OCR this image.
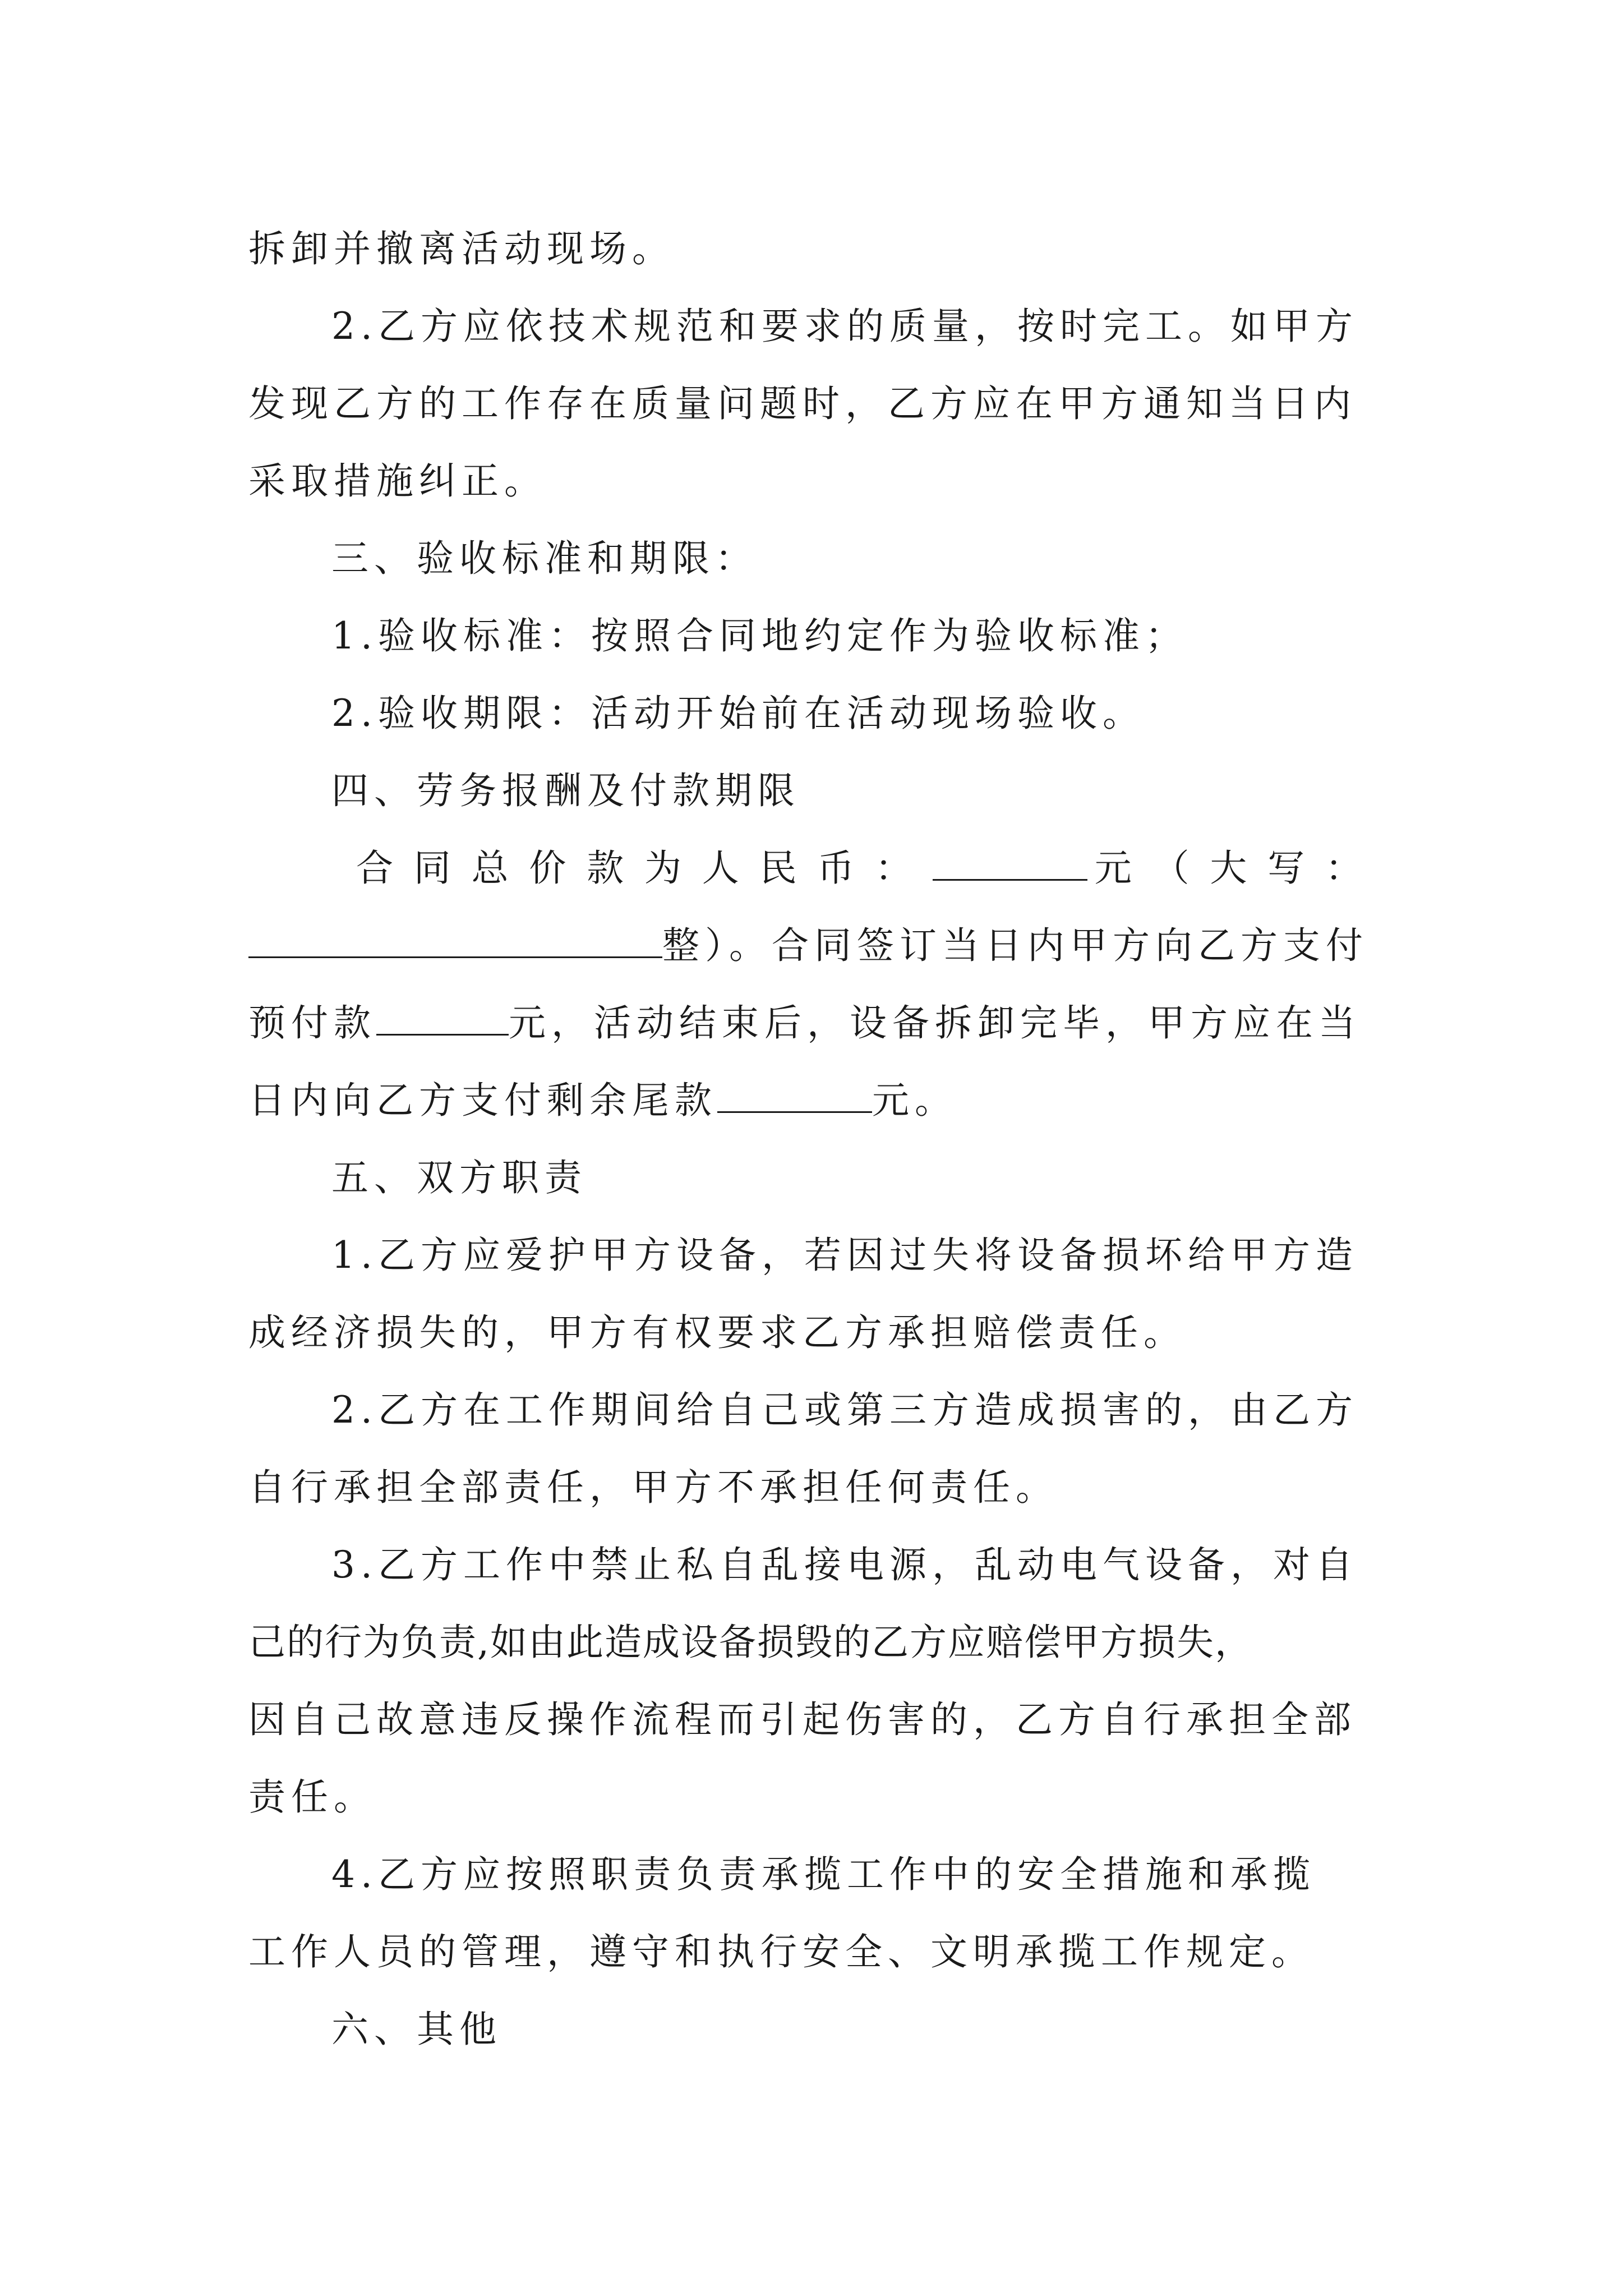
拆卸并撤离活动现场。
2.乙方应依技术规范和要求的质量，按时完工。如甲方
发现乙方的工作存在质量问题时，乙方应在甲方通知当日内
采取措施纠正。
三、验收标准和期限：
1.验收标准：按照合同地约定作为验收标准；
2.验收期限：活动开始前在活动现场验收。
四、劳务报酬及付款期限
合同总价款为人民币：	元（大写：
整）。合同签订当日内甲方向乙方支付
预付款	元，活动结束后，设备拆卸完毕，甲方应在当
日内向乙方支付剩余尾款	元。
五、双方职责
1.乙方应爱护甲方设备，若因过失将设备损坏给甲方造
成经济损失的，甲方有权要求乙方承担赔偿责任。
2.乙方在工作期间给自己或第三方造成损害的，由乙方
自行承担全部责任，甲方不承担任何责任。
3.乙方工作中禁止私自乱接电源，乱动电气设备，对自
己的行为负责,如由此造成设备损毁的乙方应赔偿甲方损失，
因自己故意违反操作流程而引起伤害的，乙方自行承担全部
责任。
4.乙方应按照职责负责承揽工作中的安全措施和承揽
工作人员的管理，遵守和执行安全、文明承揽工作规定。
六、其他
